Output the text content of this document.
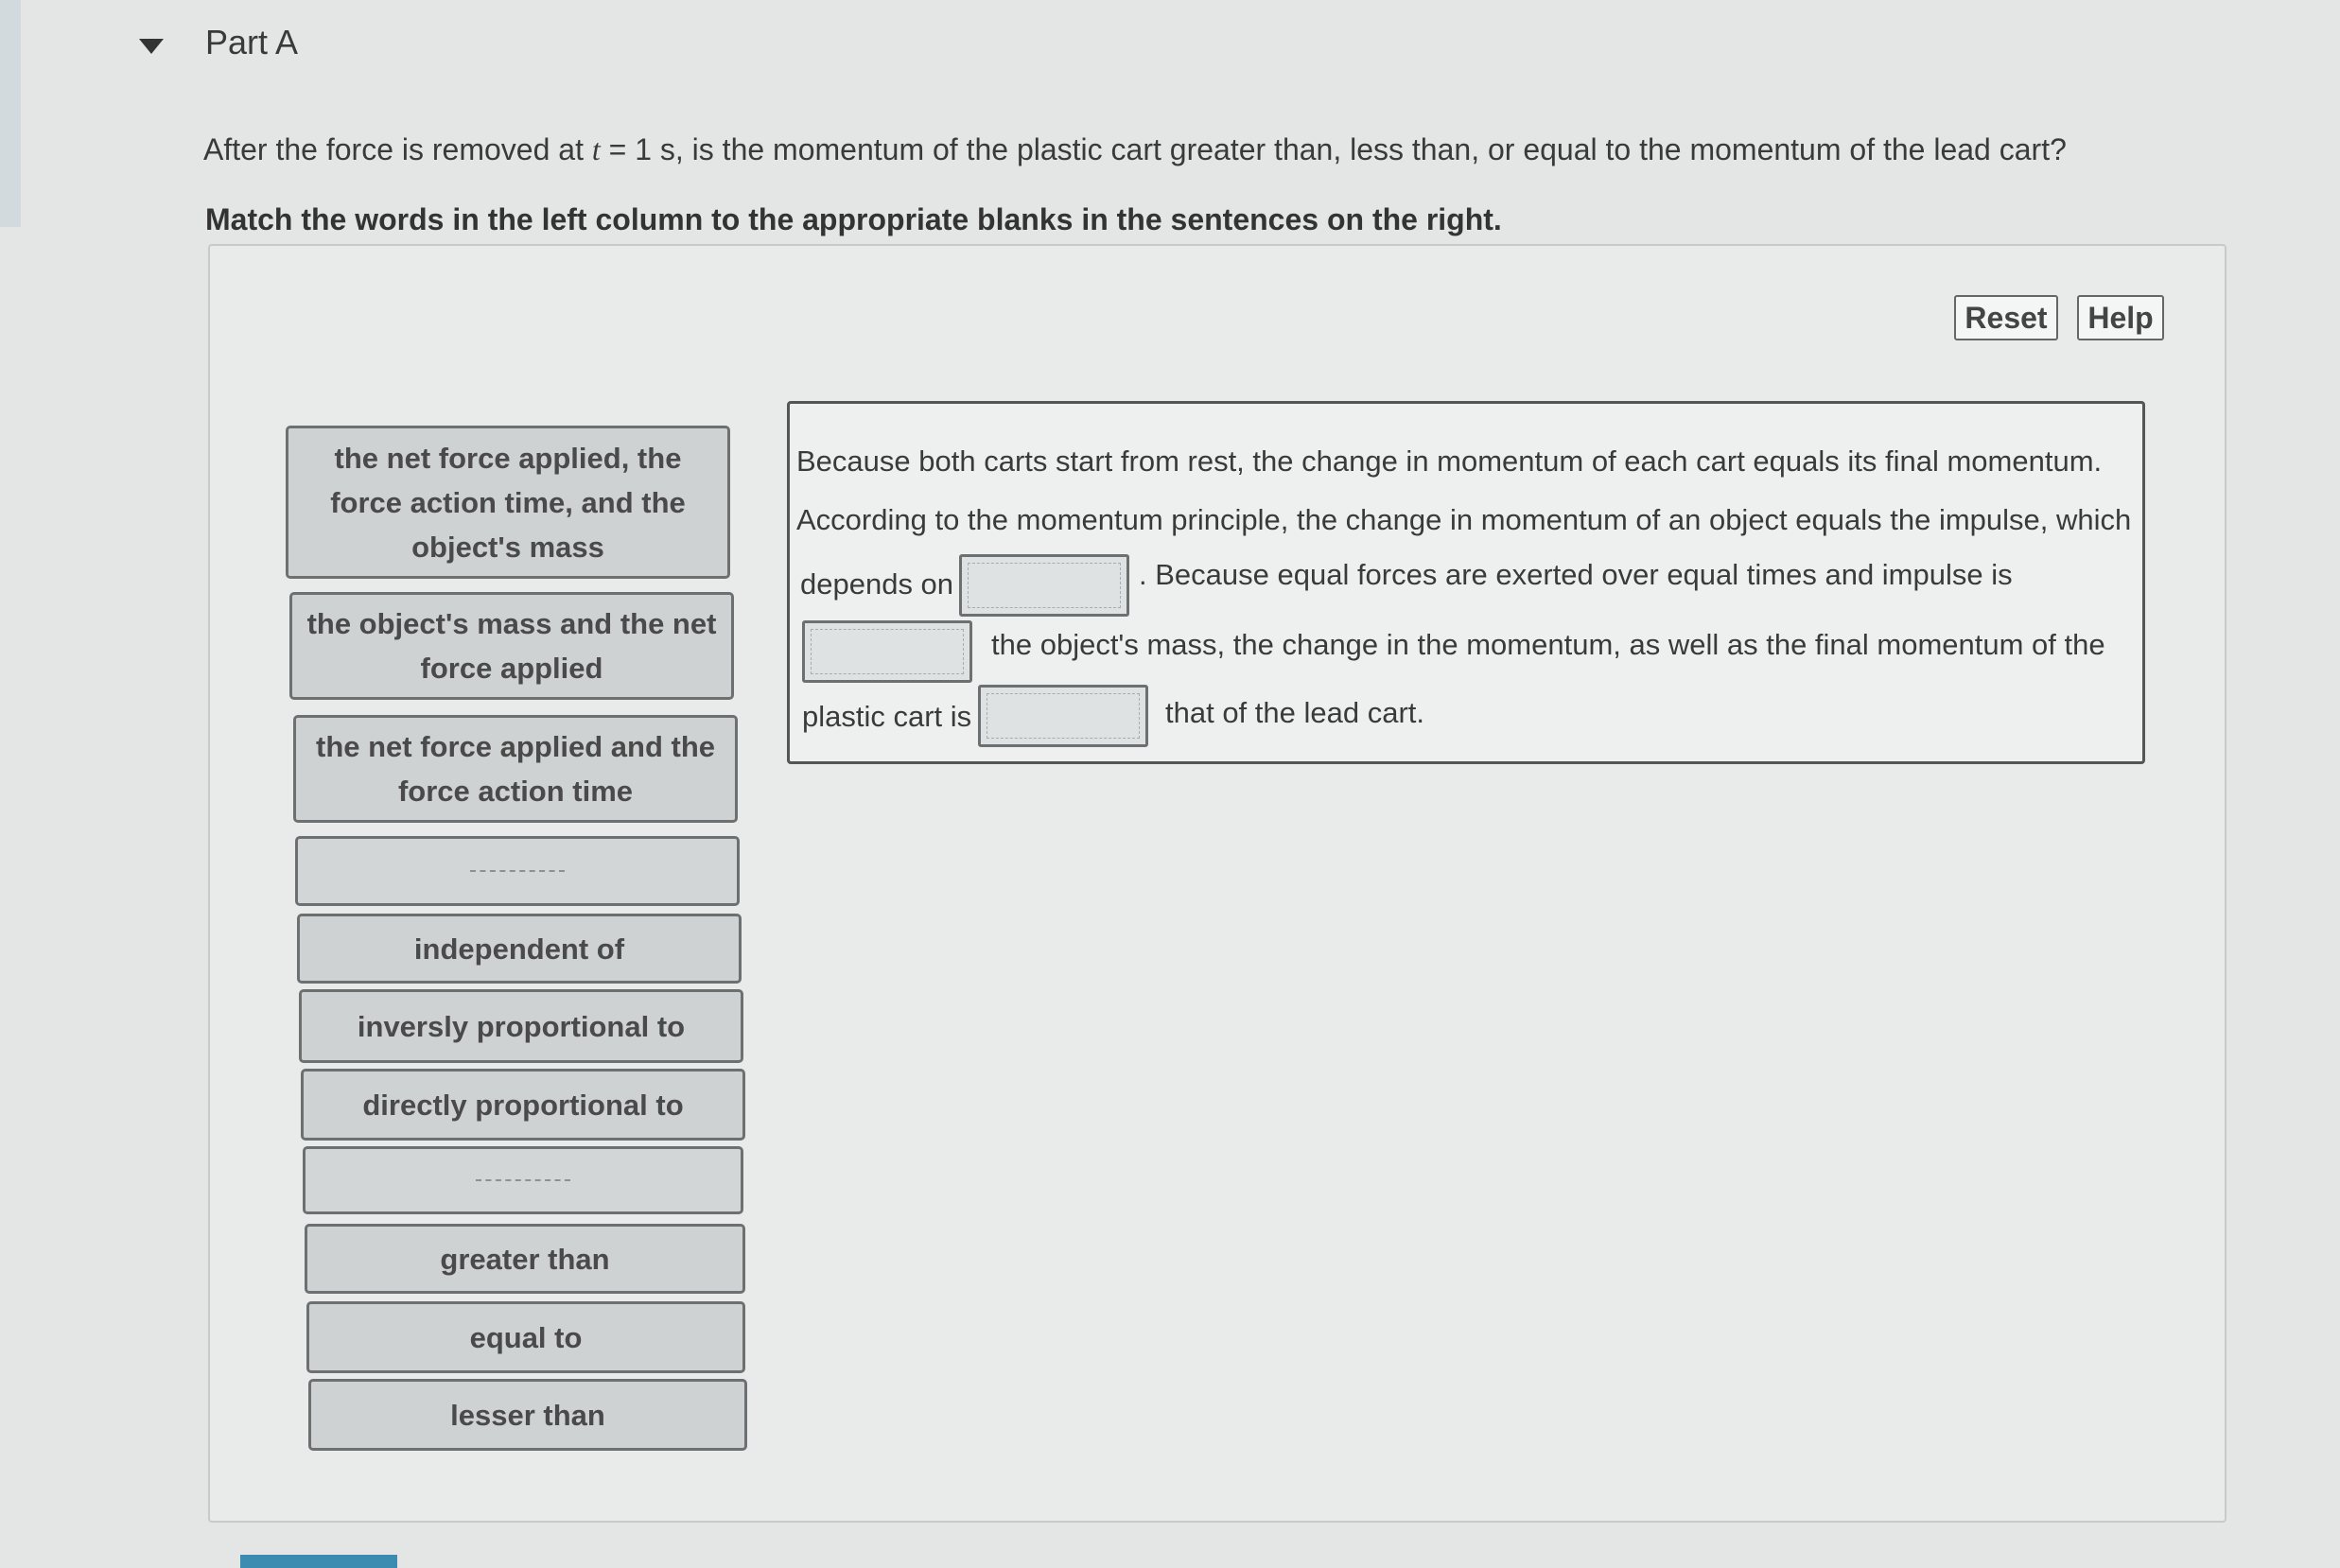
Part A
After the force is removed at t = 1 s, is the momentum of the plastic cart greater than, less than, or equal to the momentum of the lead cart?
Match the words in the left column to the appropriate blanks in the sentences on the right.
Reset	Help
the net force applied, the force action time, and the object's mass
the object's mass and the net force applied
the net force applied and the force action time
independent of
inversly proportional to
directly proportional to
greater than
equal to
lesser than
Because both carts start from rest, the change in momentum of each cart equals its final momentum.
According to the momentum principle, the change in momentum of an object equals the impulse, which
depends on	. Because equal forces are exerted over equal times and impulse is
the object's mass, the change in the momentum, as well as the final momentum of the
plastic cart is	that of the lead cart.
